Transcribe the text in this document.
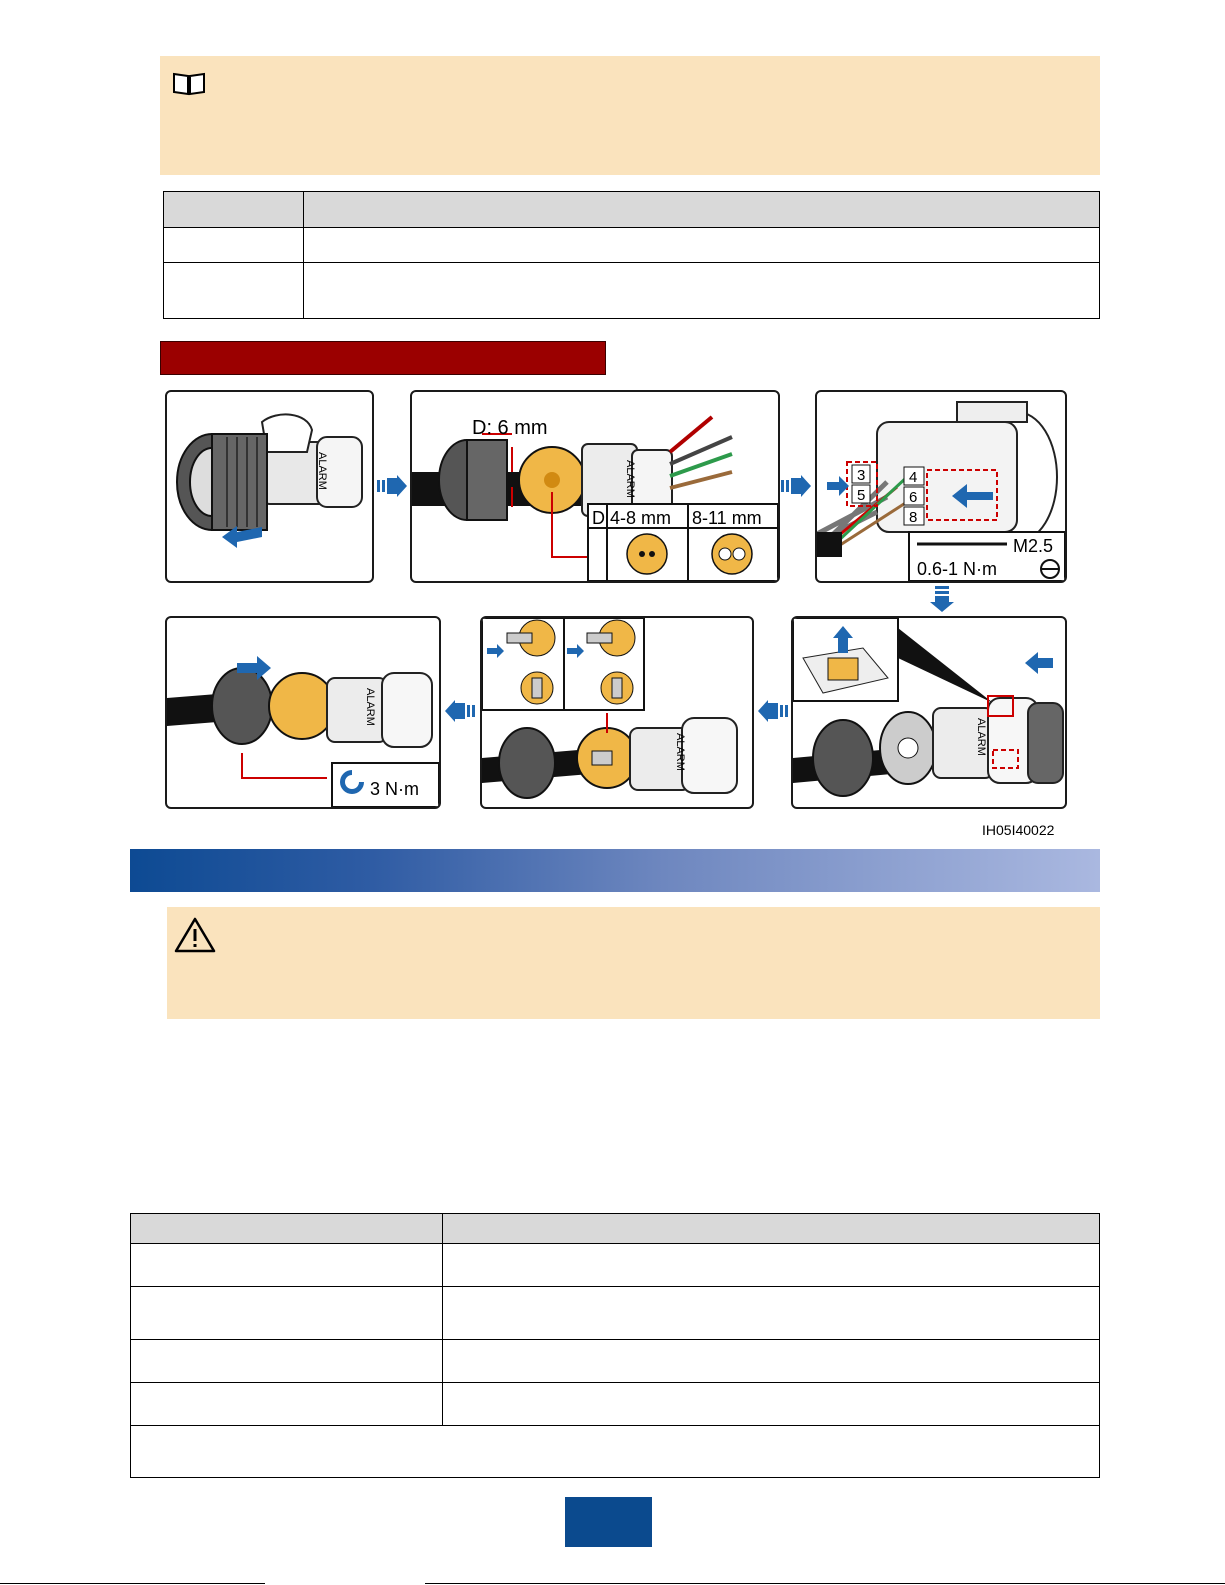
ALARM
D: 6 mm
D 4-8 mm 8-11 mm
ALARM	3
5
4
6
8
M2.5
0.6-1 N·m
3 N·m
ALARM
ALARM	ALARM
IH05I40022
